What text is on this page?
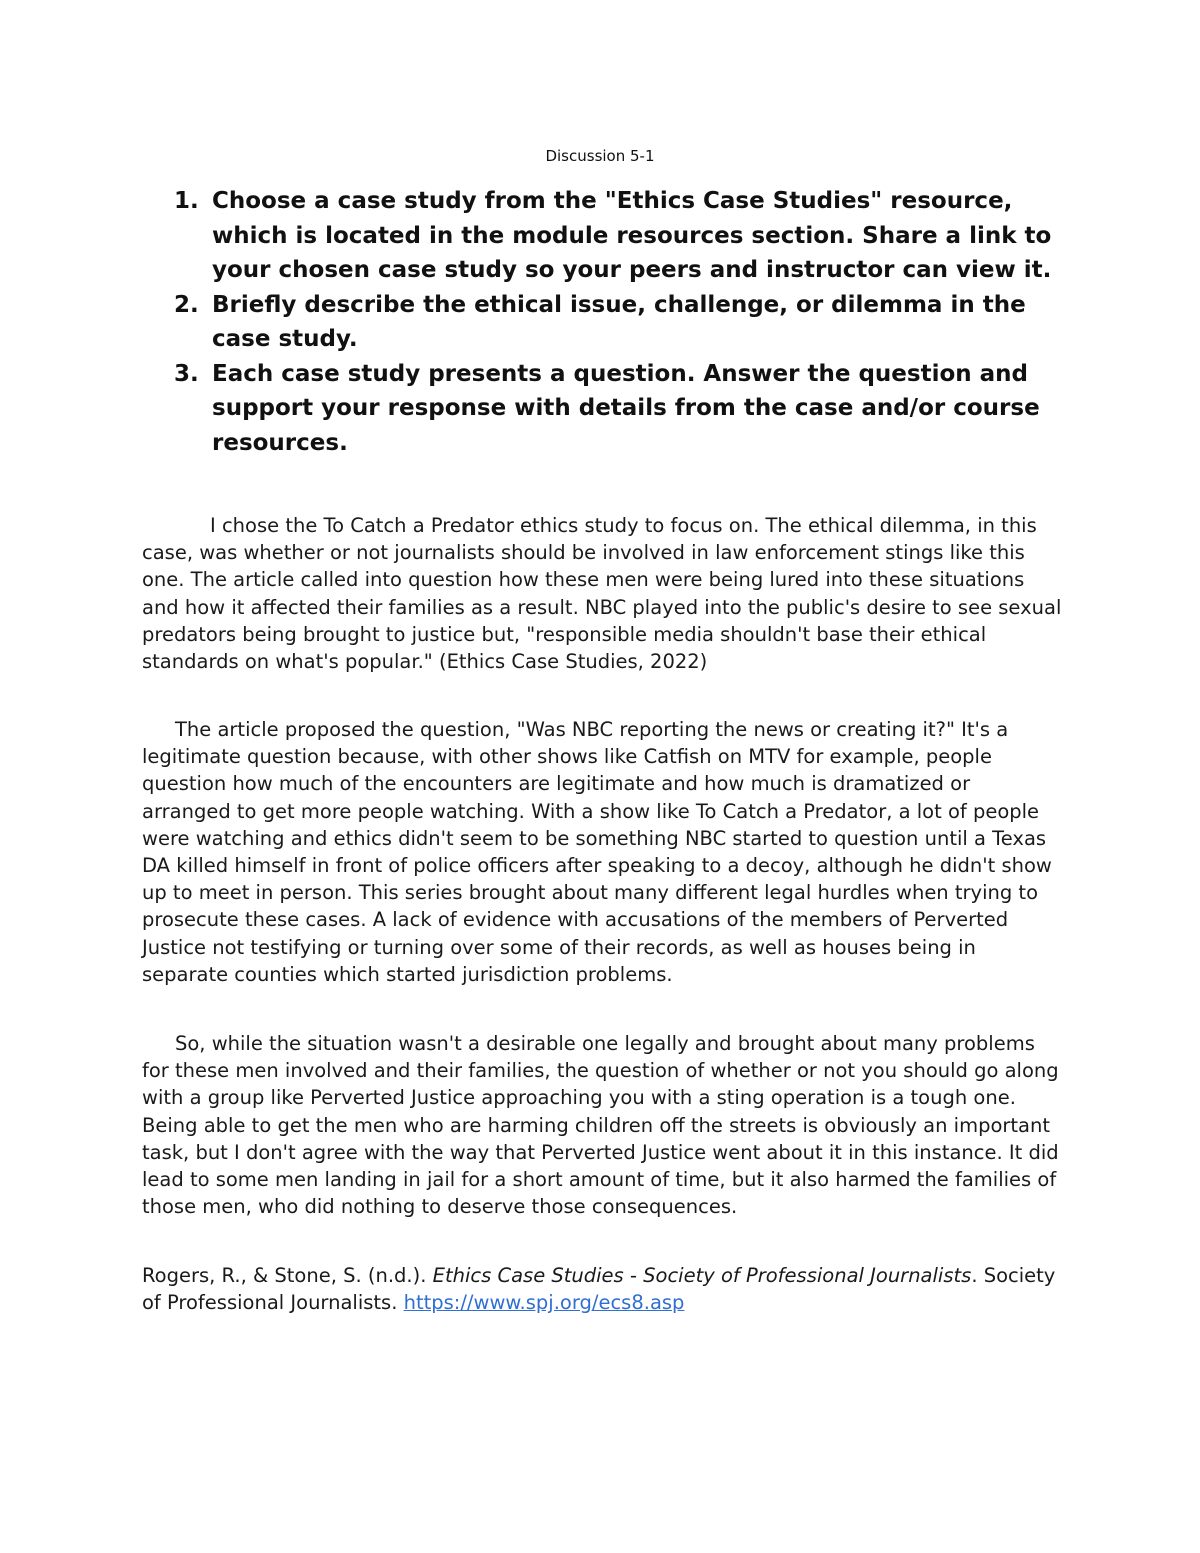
Discussion 5-1
1. Choose a case study from the "Ethics Case Studies" resource, which is located in the module resources section. Share a link to your chosen case study so your peers and instructor can view it.
2. Briefly describe the ethical issue, challenge, or dilemma in the case study.
3. Each case study presents a question. Answer the question and support your response with details from the case and/or course resources.
I chose the To Catch a Predator ethics study to focus on. The ethical dilemma, in this case, was whether or not journalists should be involved in law enforcement stings like this one. The article called into question how these men were being lured into these situations and how it affected their families as a result. NBC played into the public's desire to see sexual predators being brought to justice but, "responsible media shouldn't base their ethical standards on what's popular." (Ethics Case Studies, 2022)
The article proposed the question, "Was NBC reporting the news or creating it?" It's a legitimate question because, with other shows like Catfish on MTV for example, people question how much of the encounters are legitimate and how much is dramatized or arranged to get more people watching. With a show like To Catch a Predator, a lot of people were watching and ethics didn't seem to be something NBC started to question until a Texas DA killed himself in front of police officers after speaking to a decoy, although he didn't show up to meet in person. This series brought about many different legal hurdles when trying to prosecute these cases. A lack of evidence with accusations of the members of Perverted Justice not testifying or turning over some of their records, as well as houses being in separate counties which started jurisdiction problems.
So, while the situation wasn't a desirable one legally and brought about many problems for these men involved and their families, the question of whether or not you should go along with a group like Perverted Justice approaching you with a sting operation is a tough one. Being able to get the men who are harming children off the streets is obviously an important task, but I don't agree with the way that Perverted Justice went about it in this instance. It did lead to some men landing in jail for a short amount of time, but it also harmed the families of those men, who did nothing to deserve those consequences.
Rogers, R., & Stone, S. (n.d.). Ethics Case Studies - Society of Professional Journalists. Society of Professional Journalists. https://www.spj.org/ecs8.asp
